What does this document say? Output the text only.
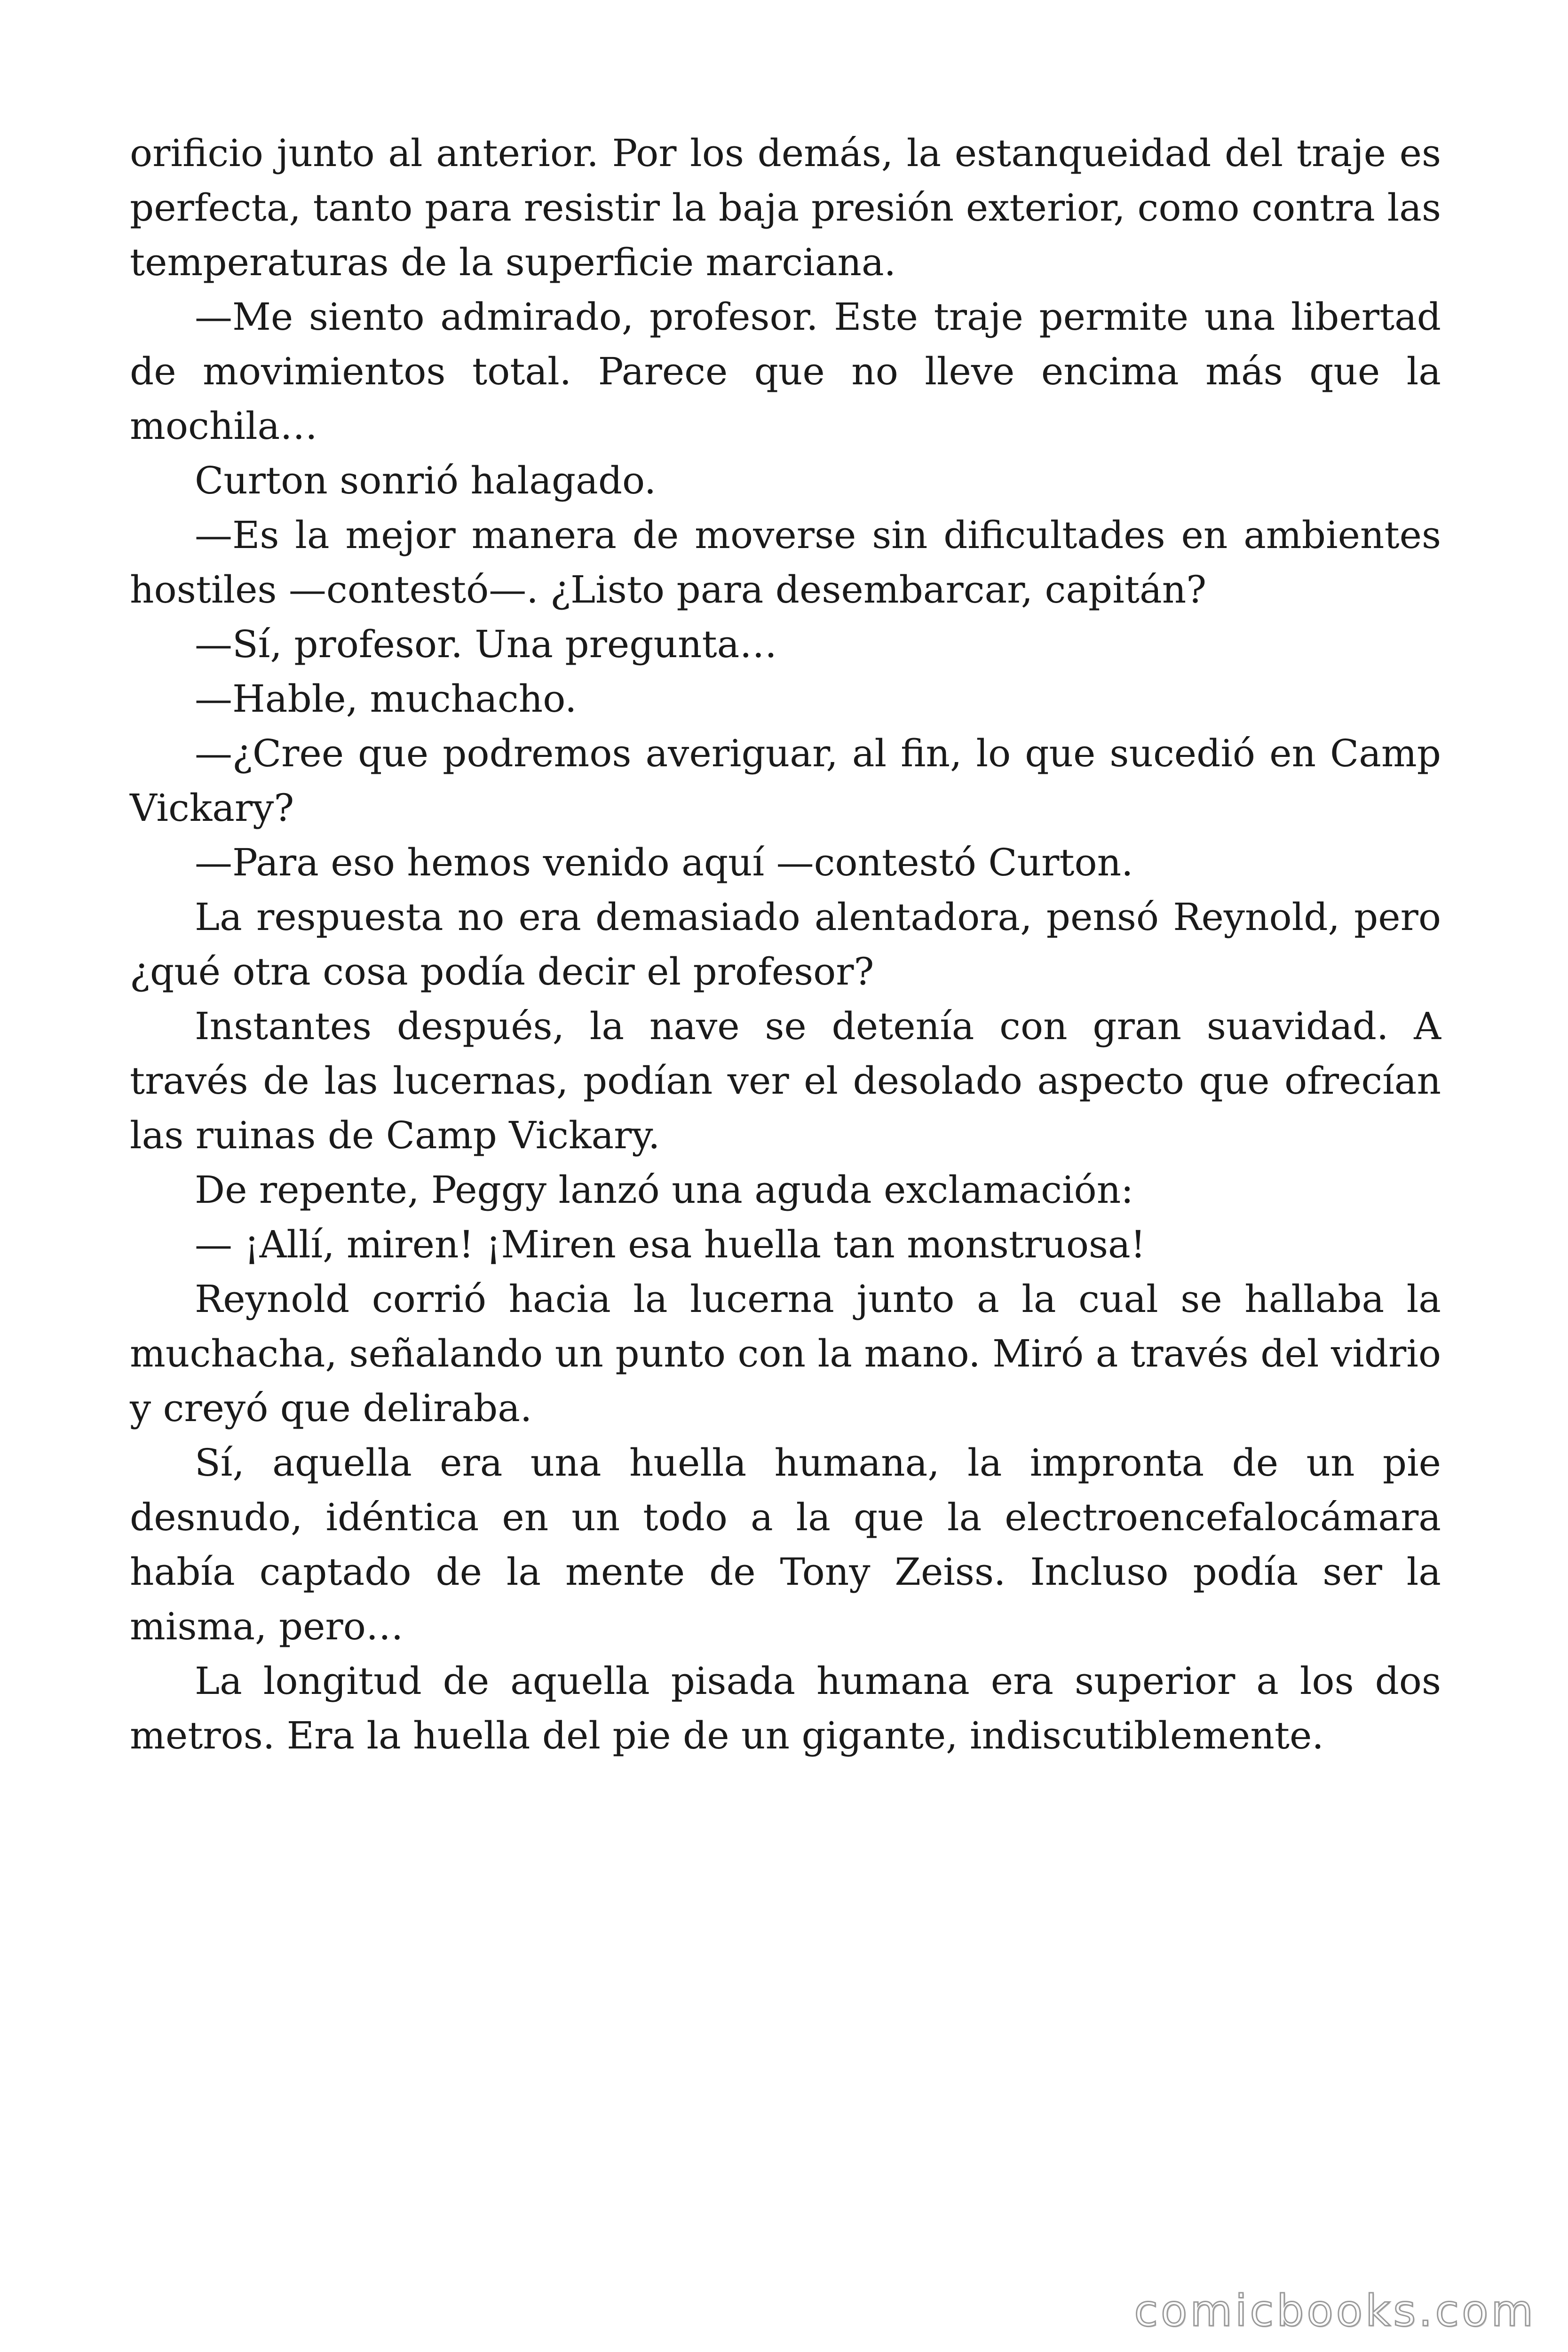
orificio junto al anterior. Por los demás, la estanqueidad del traje es perfecta, tanto para resistir la baja presión exterior, como contra las temperaturas de la superficie marciana.

—Me siento admirado, profesor. Este traje permite una libertad de movimientos total. Parece que no lleve encima más que la mochila…

Curton sonrió halagado.

—Es la mejor manera de moverse sin dificultades en ambientes hostiles —contestó—. ¿Listo para desembarcar, capitán?

—Sí, profesor. Una pregunta…

—Hable, muchacho.

—¿Cree que podremos averiguar, al fin, lo que sucedió en Camp Vickary?

—Para eso hemos venido aquí —contestó Curton.

La respuesta no era demasiado alentadora, pensó Reynold, pero ¿qué otra cosa podía decir el profesor?

Instantes después, la nave se detenía con gran suavidad. A través de las lucernas, podían ver el desolado aspecto que ofrecían las ruinas de Camp Vickary.

De repente, Peggy lanzó una aguda exclamación:

— ¡Allí, miren! ¡Miren esa huella tan monstruosa!

Reynold corrió hacia la lucerna junto a la cual se hallaba la muchacha, señalando un punto con la mano. Miró a través del vidrio y creyó que deliraba.

Sí, aquella era una huella humana, la impronta de un pie desnudo, idéntica en un todo a la que la electroencefalocámara había captado de la mente de Tony Zeiss. Incluso podía ser la misma, pero…

La longitud de aquella pisada humana era superior a los dos metros. Era la huella del pie de un gigante, indiscutiblemente.

comicbooks.com
